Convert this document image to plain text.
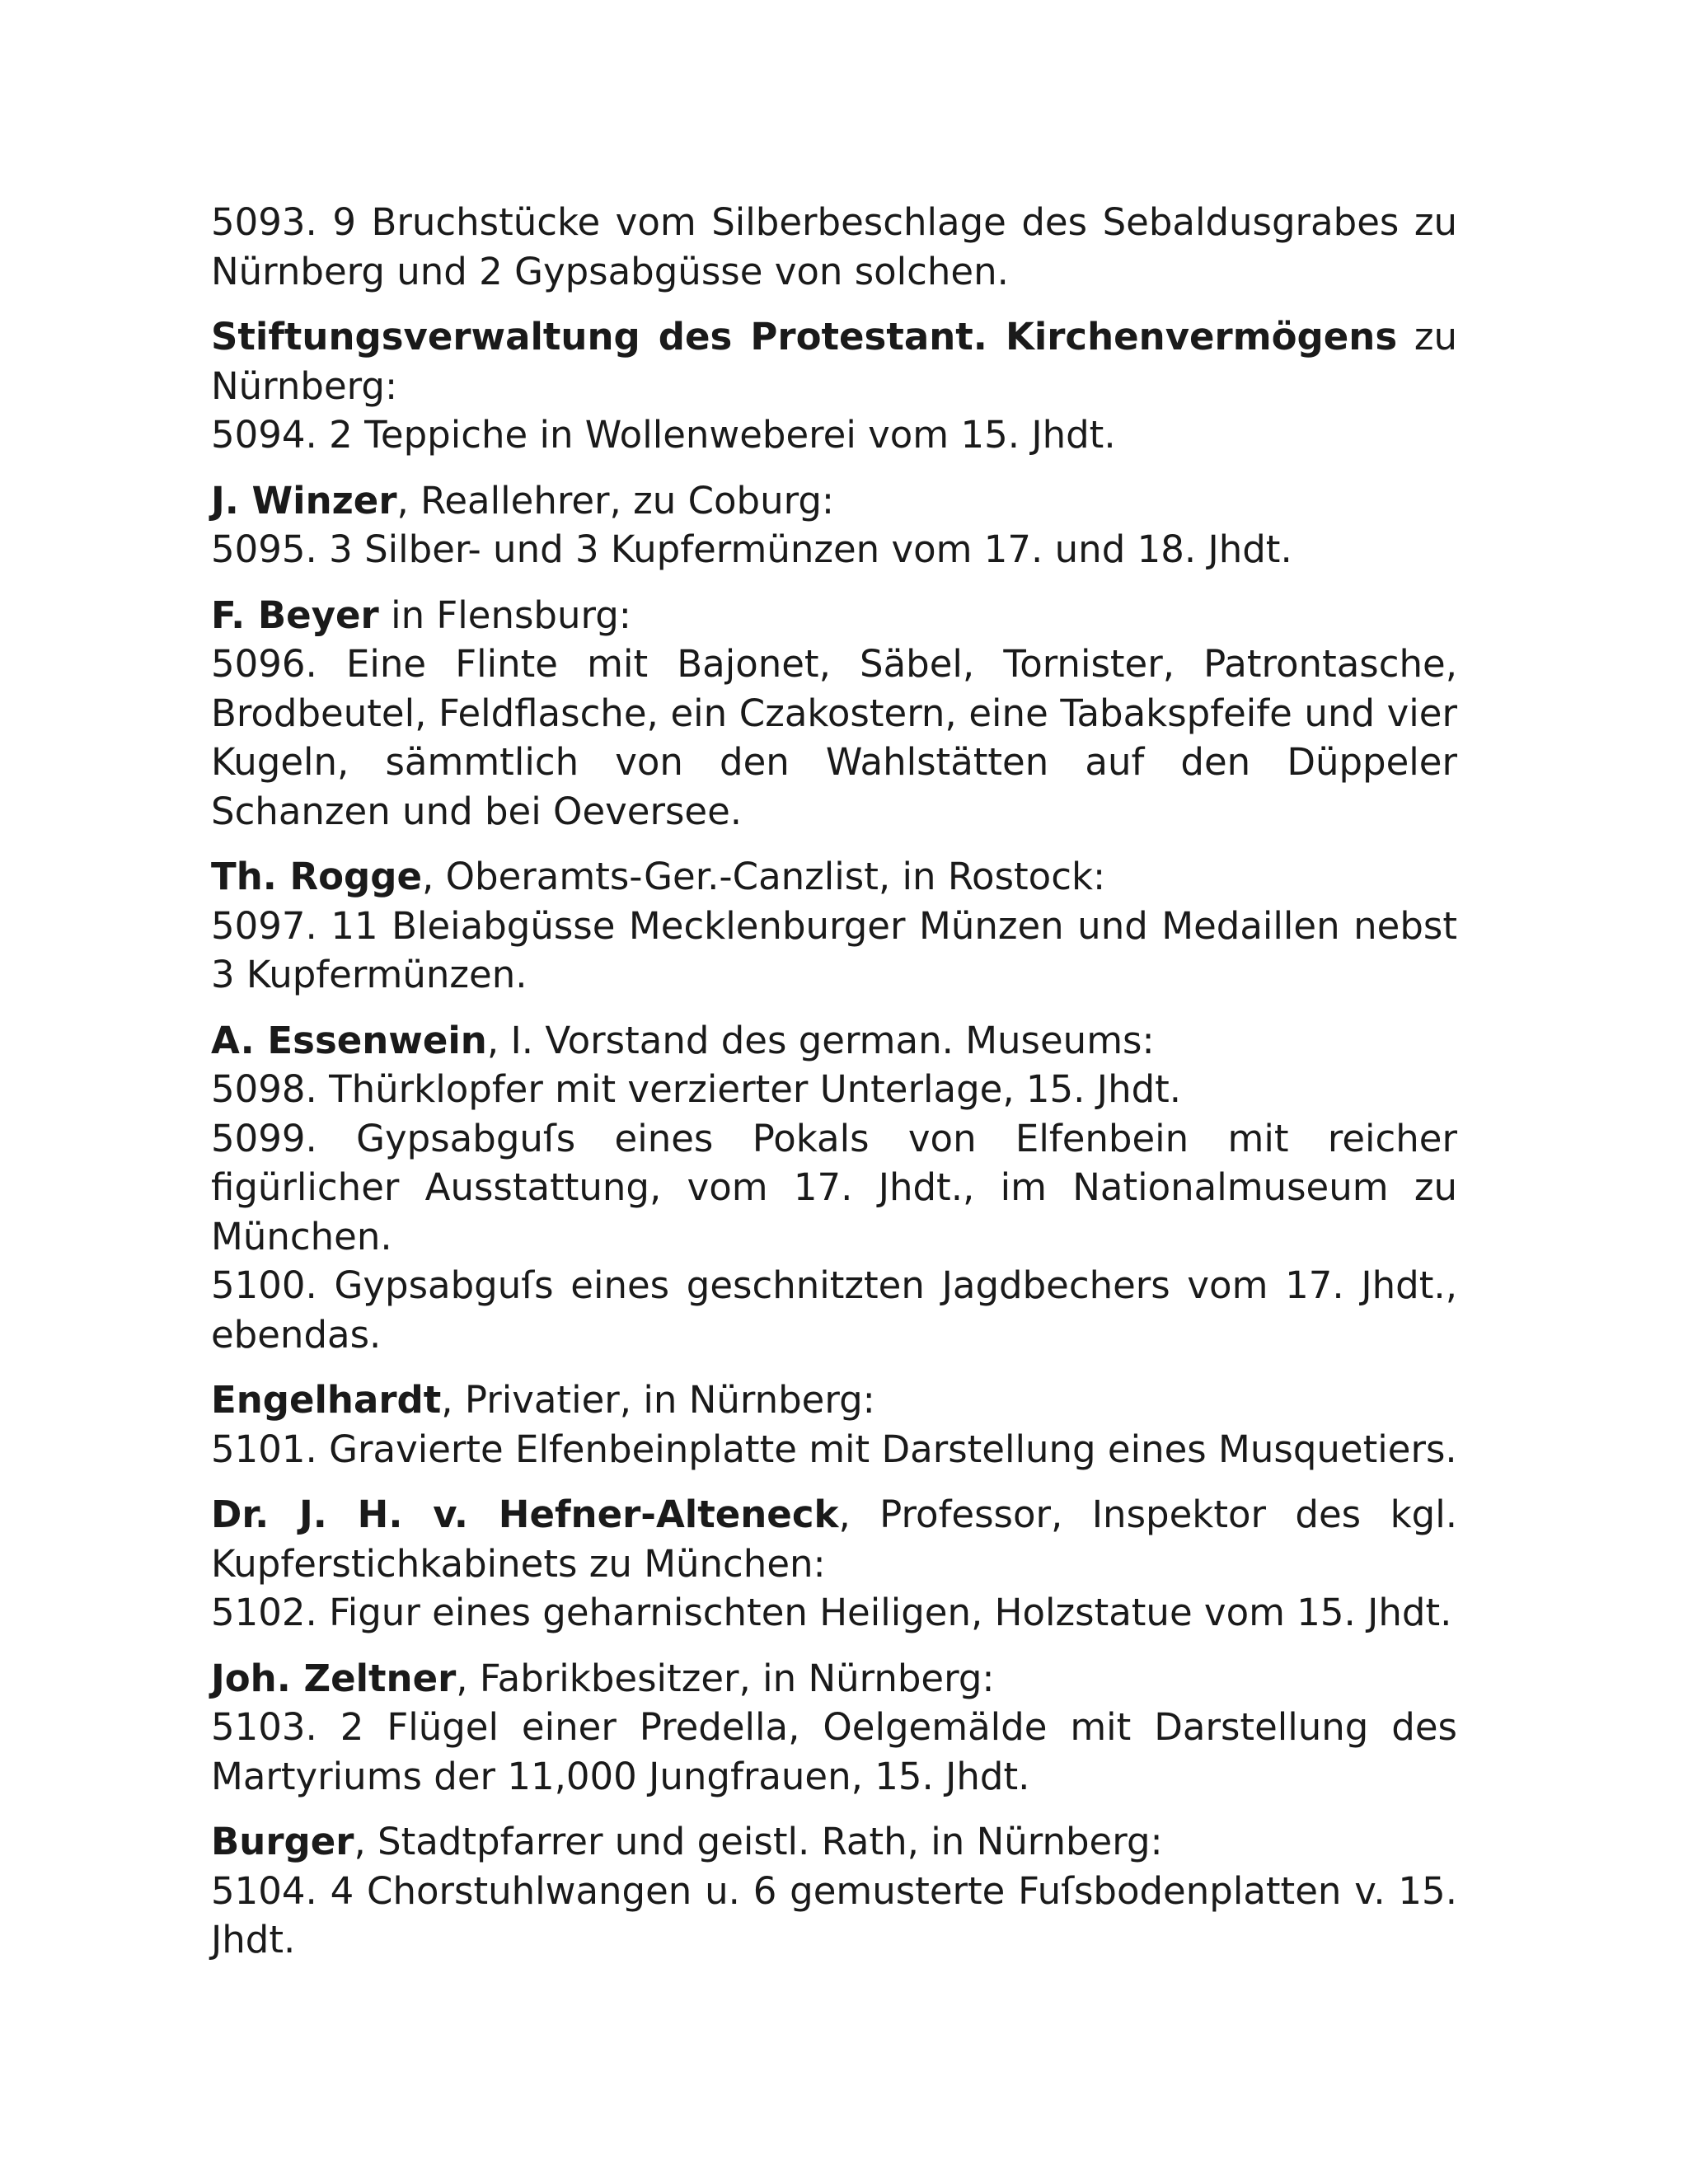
5093. 9 Bruchstücke vom Silberbeschlage des Sebaldusgrabes zu Nürnberg und 2 Gypsabgüsse von solchen.

Stiftungsverwaltung des Protestant. Kirchenvermögens zu Nürnberg:

5094. 2 Teppiche in Wollenweberei vom 15. Jhdt.

J. Winzer, Reallehrer, zu Coburg:

5095. 3 Silber- und 3 Kupfermünzen vom 17. und 18. Jhdt.

F. Beyer in Flensburg:

5096. Eine Flinte mit Bajonet, Säbel, Tornister, Patrontasche, Brodbeutel, Feldflasche, ein Czakostern, eine Tabakspfeife und vier Kugeln, sämmtlich von den Wahlstätten auf den Düppeler Schanzen und bei Oeversee.

Th. Rogge, Oberamts-Ger.-Canzlist, in Rostock:

5097. 11 Bleiabgüsse Mecklenburger Münzen und Medaillen nebst 3 Kupfermünzen.

A. Essenwein, I. Vorstand des german. Museums:

5098. Thürklopfer mit verzierter Unterlage, 15. Jhdt.

5099. Gypsabguſs eines Pokals von Elfenbein mit reicher figürlicher Ausstattung, vom 17. Jhdt., im Nationalmuseum zu München.

5100. Gypsabguſs eines geschnitzten Jagdbechers vom 17. Jhdt., ebendas.

Engelhardt, Privatier, in Nürnberg:

5101. Gravierte Elfenbeinplatte mit Darstellung eines Musquetiers.

Dr. J. H. v. Hefner-Alteneck, Professor, Inspektor des kgl. Kupferstichkabinets zu München:

5102. Figur eines geharnischten Heiligen, Holzstatue vom 15. Jhdt.

Joh. Zeltner, Fabrikbesitzer, in Nürnberg:

5103. 2 Flügel einer Predella, Oelgemälde mit Darstellung des Martyriums der 11,000 Jungfrauen, 15. Jhdt.

Burger, Stadtpfarrer und geistl. Rath, in Nürnberg:

5104. 4 Chorstuhlwangen u. 6 gemusterte Fuſsbodenplatten v. 15. Jhdt.
